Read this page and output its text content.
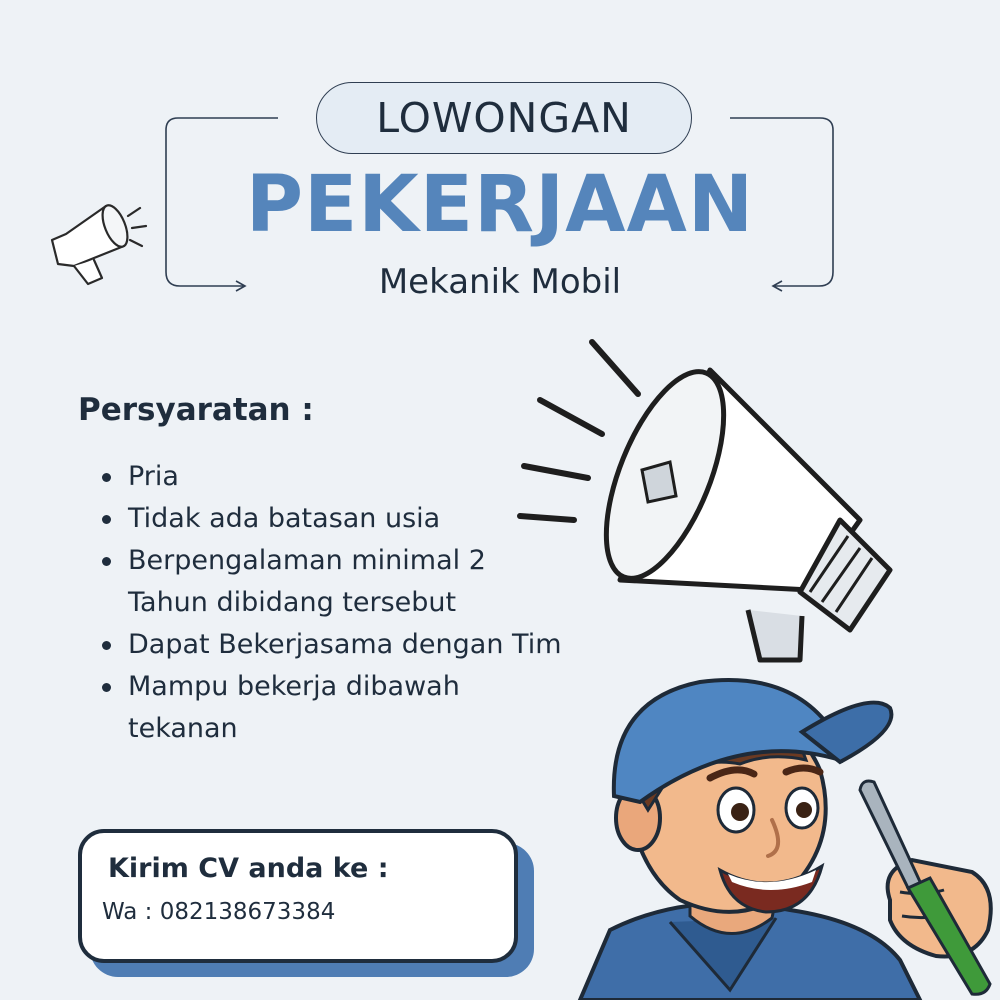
LOWONGAN
PEKERJAAN
Mekanik Mobil
Persyaratan :
Pria
Tidak ada batasan usia
Berpengalaman minimal 2 Tahun dibidang tersebut
Dapat Bekerjasama dengan Tim
Mampu bekerja dibawah tekanan
Kirim CV anda ke :
Wa : 082138673384
